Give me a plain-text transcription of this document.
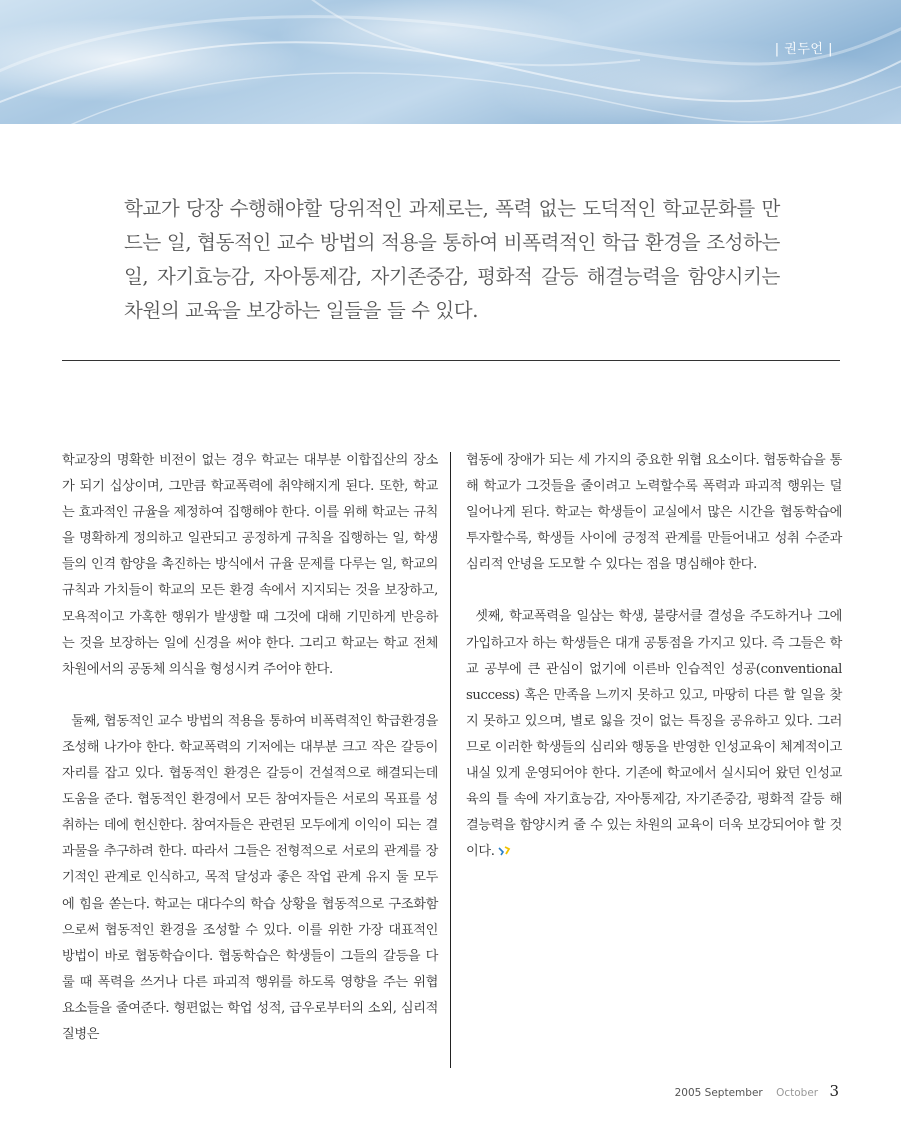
| 권두언 |

학교가 당장 수행해야할 당위적인 과제로는, 폭력 없는 도덕적인 학교문화를 만드는 일, 협동적인 교수 방법의 적용을 통하여 비폭력적인 학급 환경을 조성하는 일, 자기효능감, 자아통제감, 자기존중감, 평화적 갈등 해결능력을 함양시키는 차원의 교육을 보강하는 일들을 들 수 있다.

학교장의 명확한 비전이 없는 경우 학교는 대부분 이합집산의 장소가 되기 십상이며, 그만큼 학교폭력에 취약해지게 된다. 또한, 학교는 효과적인 규율을 제정하여 집행해야 한다. 이를 위해 학교는 규칙을 명확하게 정의하고 일관되고 공정하게 규칙을 집행하는 일, 학생들의 인격 함양을 촉진하는 방식에서 규율 문제를 다루는 일, 학교의 규칙과 가치들이 학교의 모든 환경 속에서 지지되는 것을 보장하고, 모욕적이고 가혹한 행위가 발생할 때 그것에 대해 기민하게 반응하는 것을 보장하는 일에 신경을 써야 한다. 그리고 학교는 학교 전체 차원에서의 공동체 의식을 형성시켜 주어야 한다.

둘째, 협동적인 교수 방법의 적용을 통하여 비폭력적인 학급환경을 조성해 나가야 한다. 학교폭력의 기저에는 대부분 크고 작은 갈등이 자리를 잡고 있다. 협동적인 환경은 갈등이 건설적으로 해결되는데 도움을 준다. 협동적인 환경에서 모든 참여자들은 서로의 목표를 성취하는 데에 헌신한다. 참여자들은 관련된 모두에게 이익이 되는 결과물을 추구하려 한다. 따라서 그들은 전형적으로 서로의 관계를 장기적인 관계로 인식하고, 목적 달성과 좋은 작업 관계 유지 둘 모두에 힘을 쏟는다. 학교는 대다수의 학습 상황을 협동적으로 구조화함으로써 협동적인 환경을 조성할 수 있다. 이를 위한 가장 대표적인 방법이 바로 협동학습이다. 협동학습은 학생들이 그들의 갈등을 다룰 때 폭력을 쓰거나 다른 파괴적 행위를 하도록 영향을 주는 위협 요소들을 줄여준다. 형편없는 학업 성적, 급우로부터의 소외, 심리적 질병은

협동에 장애가 되는 세 가지의 중요한 위협 요소이다. 협동학습을 통해 학교가 그것들을 줄이려고 노력할수록 폭력과 파괴적 행위는 덜 일어나게 된다. 학교는 학생들이 교실에서 많은 시간을 협동학습에 투자할수록, 학생들 사이에 긍정적 관계를 만들어내고 성취 수준과 심리적 안녕을 도모할 수 있다는 점을 명심해야 한다.

셋째, 학교폭력을 일삼는 학생, 불량서클 결성을 주도하거나 그에 가입하고자 하는 학생들은 대개 공통점을 가지고 있다. 즉 그들은 학교 공부에 큰 관심이 없기에 이른바 인습적인 성공(conventional success) 혹은 만족을 느끼지 못하고 있고, 마땅히 다른 할 일을 찾지 못하고 있으며, 별로 잃을 것이 없는 특징을 공유하고 있다. 그러므로 이러한 학생들의 심리와 행동을 반영한 인성교육이 체계적이고 내실 있게 운영되어야 한다. 기존에 학교에서 실시되어 왔던 인성교육의 틀 속에 자기효능감, 자아통제감, 자기존중감, 평화적 갈등 해결능력을 함양시켜 줄 수 있는 차원의 교육이 더욱 보강되어야 할 것이다.

2005 September October 3
